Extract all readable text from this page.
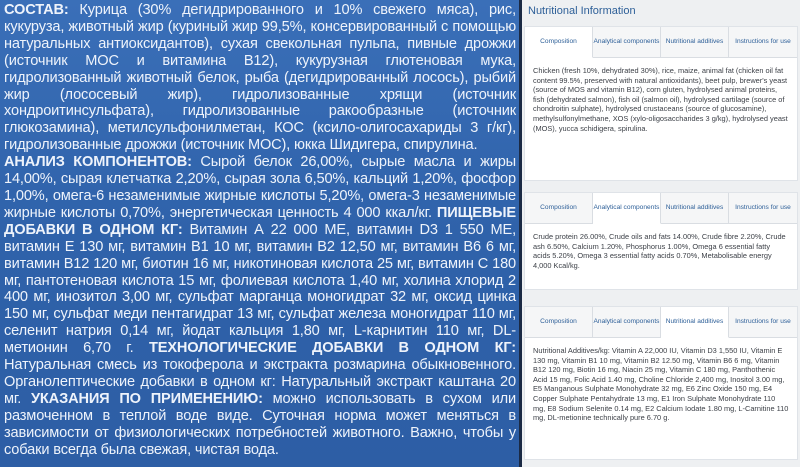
СОСТАВ: Курица (30% дегидрированного и 10% свежего мяса), рис, кукуруза, животный жир (куриный жир 99,5%, консервированный с помощью натуральных антиоксидантов), сухая свекольная пульпа, пивные дрожжи (источник МОС и витамина В12), кукурузная глютеновая мука, гидролизованный животный белок, рыба (дегидрированный лосось), рыбий жир (лососевый жир), гидролизованные хрящи (источник хондроитинсульфата), гидролизованные ракообразные (источник глюкозамина), метилсульфонилметан, КОС (ксило-олигосахариды 3 г/кг), гидролизованные дрожжи (источник МОС), юкка Шидигера, спирулина.
АНАЛИЗ КОМПОНЕНТОВ: Сырой белок 26,00%, сырые масла и жиры 14,00%, сырая клетчатка 2,20%, сырая зола 6,50%, кальций 1,20%, фосфор 1,00%, омега-6 незаменимые жирные кислоты 5,20%, омега-3 незаменимые жирные кислоты 0,70%, энергетическая ценность 4 000 ккал/кг. ПИЩЕВЫЕ ДОБАВКИ В ОДНОМ КГ: Витамин А 22 000 МЕ, витамин D3 1 550 МЕ, витамин Е 130 мг, витамин В1 10 мг, витамин В2 12,50 мг, витамин В6 6 мг, витамин В12 120 мг, биотин 16 мг, никотиновая кислота 25 мг, витамин С 180 мг, пантотеновая кислота 15 мг, фолиевая кислота 1,40 мг, холина хлорид 2 400 мг, инозитол 3,00 мг, сульфат марганца моногидрат 32 мг, оксид цинка 150 мг, сульфат меди пентагидрат 13 мг, сульфат железа моногидрат 110 мг, селенит натрия 0,14 мг, йодат кальция 1,80 мг, L-карнитин 110 мг, DL-метионин 6,70 г. ТЕХНОЛОГИЧЕСКИЕ ДОБАВКИ В ОДНОМ КГ: Натуральная смесь из токоферола и экстракта розмарина обыкновенного. Органолептические добавки в одном кг: Натуральный экстракт каштана 20 мг. УКАЗАНИЯ ПО ПРИМЕНЕНИЮ: можно использовать в сухом или размоченном в теплой воде виде. Суточная норма может меняться в зависимости от физиологических потребностей животного. Важно, чтобы у собаки всегда была свежая, чистая вода.
Nutritional Information
Composition	Analytical components Nutritional additives	Instructions for use
Chicken (fresh 10%, dehydrated 30%), rice, maize, animal fat (chicken oil fat content 99.5%, preserved with natural antioxidants), beet pulp, brewer's yeast (source of MOS and vitamin B12), corn gluten, hydrolysed animal proteins, fish (dehydrated salmon), fish oil (salmon oil), hydrolysed cartilage (source of chondroitin sulphate), hydrolysed crustaceans (source of glucosamine), methylsulfonylmethane, XOS (xylo-oligosaccharides 3 g/kg), hydrolysed yeast (MOS), yucca schidigera, spirulina.
Composition	Analytical components Nutritional additives	Instructions for use
Crude protein 26.00%, Crude oils and fats 14.00%, Crude fibre 2.20%, Crude ash 6.50%, Calcium 1.20%, Phosphorus 1.00%, Omega 6 essential fatty acids 5.20%, Omega 3 essential fatty acids 0.70%, Metabolisable energy 4,000 Kcal/kg.
Composition	Analytical components Nutritional additives	Instructions for use
Nutritional Additives/kg: Vitamin A 22,000 IU, Vitamin D3 1,550 IU, Vitamin E 130 mg, Vitamin B1 10 mg, Vitamin B2 12.50 mg, Vitamin B6 6 mg, Vitamin B12 120 mg, Biotin 16 mg, Niacin 25 mg, Vitamin C 180 mg, Panthothenic Acid 15 mg, Folic Acid 1.40 mg, Choline Chloride 2,400 mg, Inositol 3.00 mg, E5 Manganous Sulphate Monohydrate 32 mg, E6 Zinc Oxide 150 mg, E4 Copper Sulphate Pentahydrate 13 mg, E1 Iron Sulphate Monohydrate 110 mg, E8 Sodium Selenite 0.14 mg, E2 Calcium Iodate 1.80 mg, L-Carnitine 110 mg, DL-metionine technically pure 6.70 g.
